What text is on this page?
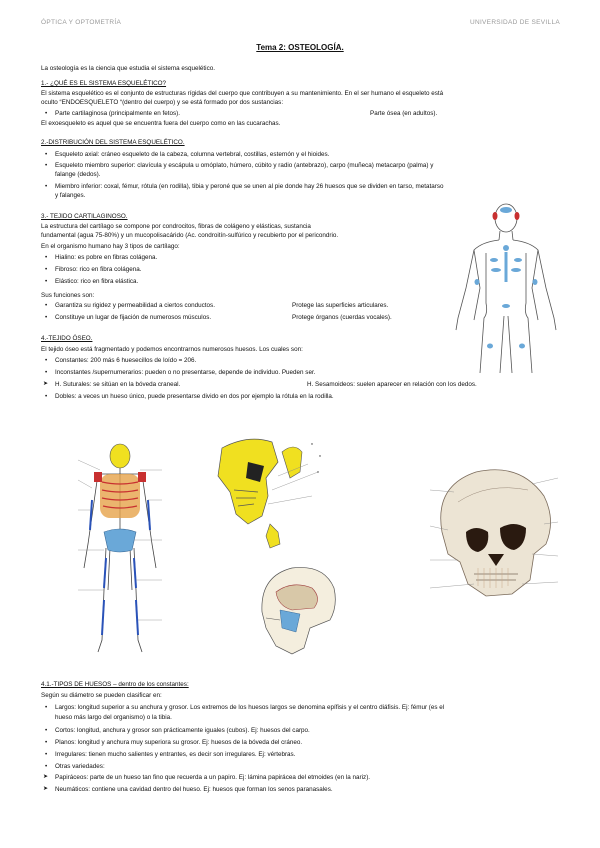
ÓPTICA Y OPTOMETRÍA	UNIVERSIDAD DE SEVILLA
Tema 2: OSTEOLOGÍA.
La osteología es la ciencia que estudia el sistema esquelético.
1.- ¿QUÉ ES EL SISTEMA ESQUELÉTICO?
El sistema esquelético es el conjunto de estructuras rígidas del cuerpo que contribuyen a su mantenimiento. En el ser humano el esqueleto está
oculto “ENDOESQUELETO “(dentro del cuerpo) y se está formado por dos sustancias:
• Parte cartilaginosa (principalmente en fetos).	Parte ósea (en adultos).
El exoesqueleto es aquel que se encuentra fuera del cuerpo como en las cucarachas.
2.-DISTRIBUCIÓN DEL SISTEMA ESQUELÉTICO.
• Esqueleto axial: cráneo esqueleto de la cabeza, columna vertebral, costillas, esternón y el hioides.
• Esqueleto miembro superior: clavícula y escápula u omóplato, húmero, cúbito y radio (antebrazo), carpo (muñeca) metacarpo (palma) y
falange (dedos).
• Miembro inferior: coxal, fémur, rótula (en rodilla), tibia y peroné que se unen al pie donde hay 26 huesos que se dividen en tarso, metatarso
y falanges.
3.- TEJIDO CARTILAGINOSO.
La estructura del cartílago se compone por condrocitos, fibras de colágeno y elásticas, sustancia
fundamental (agua 75-80%) y un mucopolisacárido (Ac. condroitín-sulfúrico y recubierto por el pericondrio.
En el organismo humano hay 3 tipos de cartílago:
• Hialino: es pobre en fibras colágena.
• Fibroso: rico en fibra colágena.
• Elástico: rico en fibra elástica.
Sus funciones son:
• Garantiza su rigidez y permeabilidad a ciertos conductos.	Protege las superficies articulares.
• Constituye un lugar de fijación de numerosos músculos.	Protege órganos (cuerdas vocales).
4.-TEJIDO ÓSEO.
El tejido óseo está fragmentado y podemos encontrarnos numerosos huesos. Los cuales son:
• Constantes: 200 más 6 huesecillos de loído = 206.
• Inconstantes /supernumerarios: pueden o no presentarse, depende de individuo. Pueden ser.
➤ H. Suturales: se sitúan en la bóveda craneal.	H. Sesamoideos: suelen aparecer en relación con los dedos.
• Dobles: a veces un hueso único, puede presentarse divido en dos por ejemplo la rótula en la rodilla.
4.1.-TIPOS DE HUESOS – dentro de los constantes:
Según su diámetro se pueden clasificar en:
• Largos: longitud superior a su anchura y grosor. Los extremos de los huesos largos se denomina epífisis y el centro diáfisis. Ej: fémur (es el
hueso más largo del organismo) o la tibia.
• Cortos: longitud, anchura y grosor son prácticamente iguales (cubos). Ej: huesos del carpo.
• Planos: longitud y anchura muy superiora su grosor. Ej: huesos de la bóveda del cráneo.
• Irregulares: tienen mucho salientes y entrantes, es decir son irregulares. Ej: vértebras.
• Otras variedades:
➤ Papiráceos: parte de un hueso tan fino que recuerda a un papiro. Ej: lámina papirácea del etmoides (en la nariz).
➤ Neumáticos: contiene una cavidad dentro del hueso. Ej: huesos que forman los senos paranasales.
